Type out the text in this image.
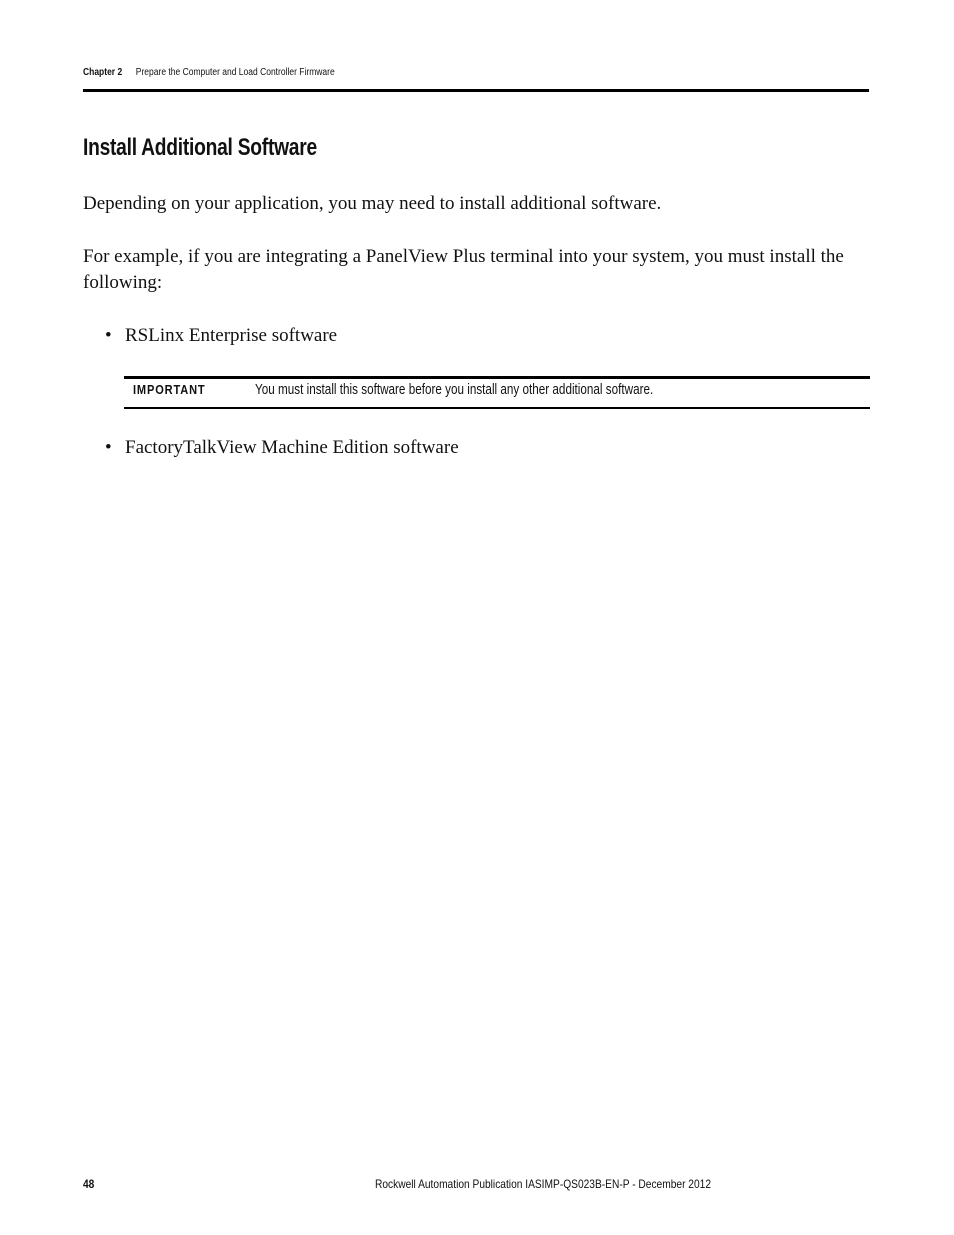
Chapter 2 Prepare the Computer and Load Controller Firmware
Install Additional Software

Depending on your application, you may need to install additional software.

For example, if you are integrating a PanelView Plus terminal into your system, you must install the following:

• RSLinx Enterprise software
IMPORTANT	You must install this software before you install any other additional software.
• FactoryTalkView Machine Edition software
48	Rockwell Automation Publication IASIMP-QS023B-EN-P - December 2012
